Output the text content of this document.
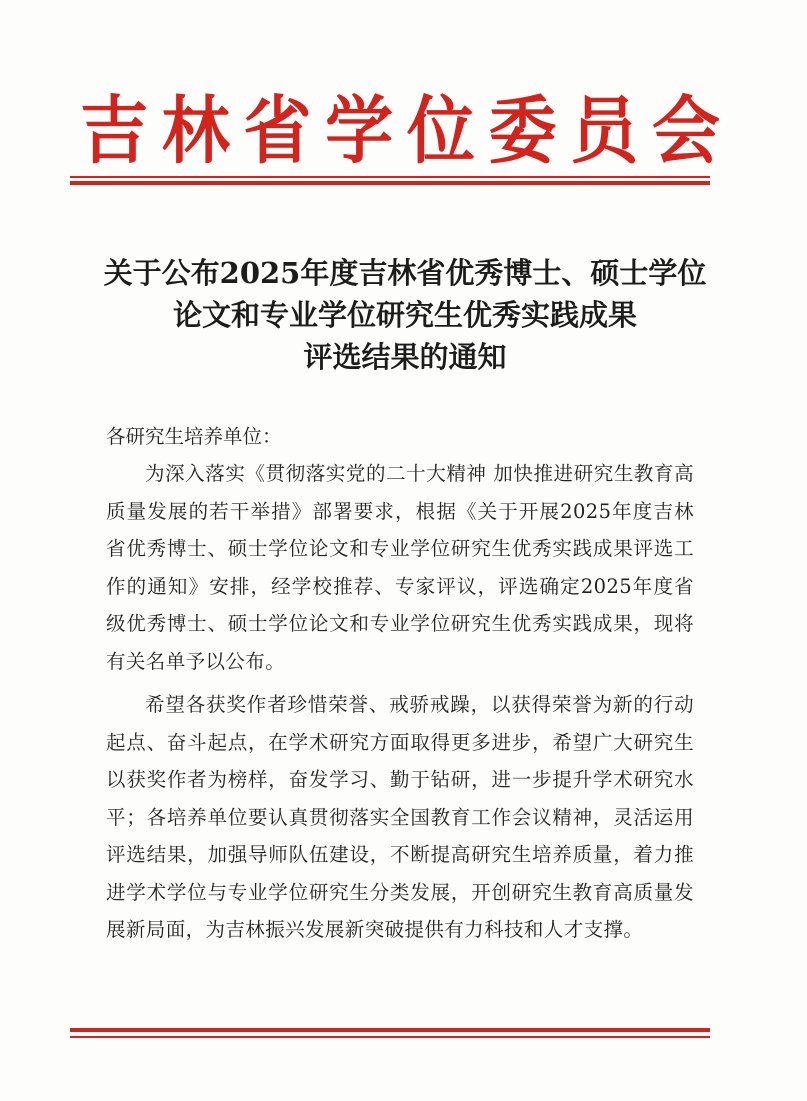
吉 林 省 学 位 委 员 会
关于公布2025年度吉林省优秀博士、硕士学位
论文和专业学位研究生优秀实践成果
评选结果的通知
各研究生培养单位：
为深入落实《贯彻落实党的二十大精神 加快推进研究生教育高质量发展的若干举措》部署要求，根据《关于开展2025年度吉林省优秀博士、硕士学位论文和专业学位研究生优秀实践成果评选工作的通知》安排，经学校推荐、专家评议，评选确定2025年度省级优秀博士、硕士学位论文和专业学位研究生优秀实践成果，现将有关名单予以公布。
希望各获奖作者珍惜荣誉、戒骄戒躁，以获得荣誉为新的行动起点、奋斗起点，在学术研究方面取得更多进步，希望广大研究生以获奖作者为榜样，奋发学习、勤于钻研，进一步提升学术研究水平；各培养单位要认真贯彻落实全国教育工作会议精神，灵活运用评选结果，加强导师队伍建设，不断提高研究生培养质量，着力推进学术学位与专业学位研究生分类发展，开创研究生教育高质量发展新局面，为吉林振兴发展新突破提供有力科技和人才支撑。
